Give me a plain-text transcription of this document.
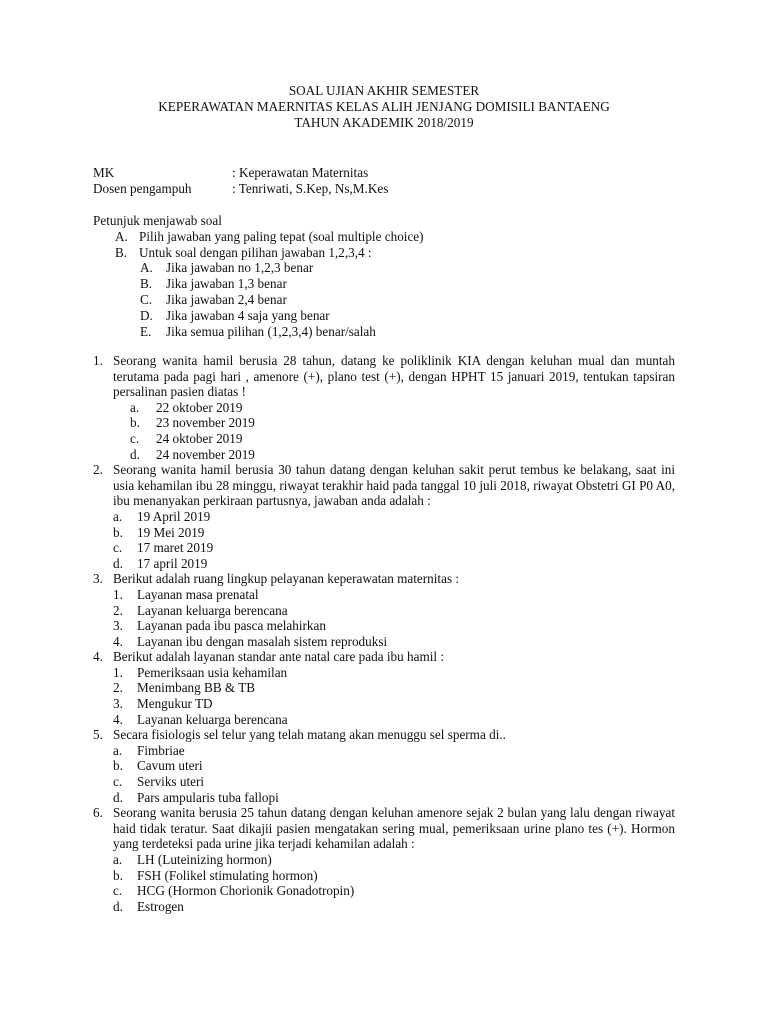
SOAL UJIAN AKHIR SEMESTER
KEPERAWATAN MAERNITAS KELAS ALIH JENJANG DOMISILI BANTAENG
TAHUN AKADEMIK 2018/2019
MK	: Keperawatan Maternitas
Dosen pengampuh	: Tenriwati, S.Kep, Ns,M.Kes
Petunjuk menjawab soal
A. Pilih jawaban yang paling tepat (soal multiple choice)
B. Untuk soal dengan pilihan jawaban 1,2,3,4 :
A. Jika jawaban no 1,2,3 benar
B. Jika jawaban 1,3 benar
C. Jika jawaban 2,4 benar
D. Jika jawaban 4 saja yang benar
E. Jika semua pilihan (1,2,3,4) benar/salah
1. Seorang wanita hamil berusia 28 tahun, datang ke poliklinik KIA dengan keluhan mual dan muntah terutama pada pagi hari , amenore (+), plano test (+), dengan HPHT 15 januari 2019, tentukan tapsiran persalinan pasien diatas !
a. 22 oktober 2019
b. 23 november 2019
c. 24 oktober 2019
d. 24 november 2019
2. Seorang wanita hamil berusia 30 tahun datang dengan keluhan sakit perut tembus ke belakang, saat ini usia kehamilan ibu 28 minggu, riwayat terakhir haid pada tanggal 10 juli 2018, riwayat Obstetri GI P0 A0, ibu menanyakan perkiraan partusnya, jawaban anda adalah :
a. 19 April 2019
b. 19 Mei 2019
c. 17 maret 2019
d. 17 april 2019
3. Berikut adalah ruang lingkup pelayanan keperawatan maternitas :
1. Layanan masa prenatal
2. Layanan keluarga berencana
3. Layanan pada ibu pasca melahirkan
4. Layanan ibu dengan masalah sistem reproduksi
4. Berikut adalah layanan standar ante natal care pada ibu hamil :
1. Pemeriksaan usia kehamilan
2. Menimbang BB & TB
3. Mengukur TD
4. Layanan keluarga berencana
5. Secara fisiologis sel telur yang telah matang akan menuggu sel sperma di..
a. Fimbriae
b. Cavum uteri
c. Serviks uteri
d. Pars ampularis tuba fallopi
6. Seorang wanita berusia 25 tahun datang dengan keluhan amenore sejak 2 bulan yang lalu dengan riwayat haid tidak teratur. Saat dikajii pasien mengatakan sering mual, pemeriksaan urine plano tes (+). Hormon yang terdeteksi pada urine jika terjadi kehamilan adalah :
a. LH (Luteinizing hormon)
b. FSH (Folikel stimulating hormon)
c. HCG (Hormon Chorionik Gonadotropin)
d. Estrogen
